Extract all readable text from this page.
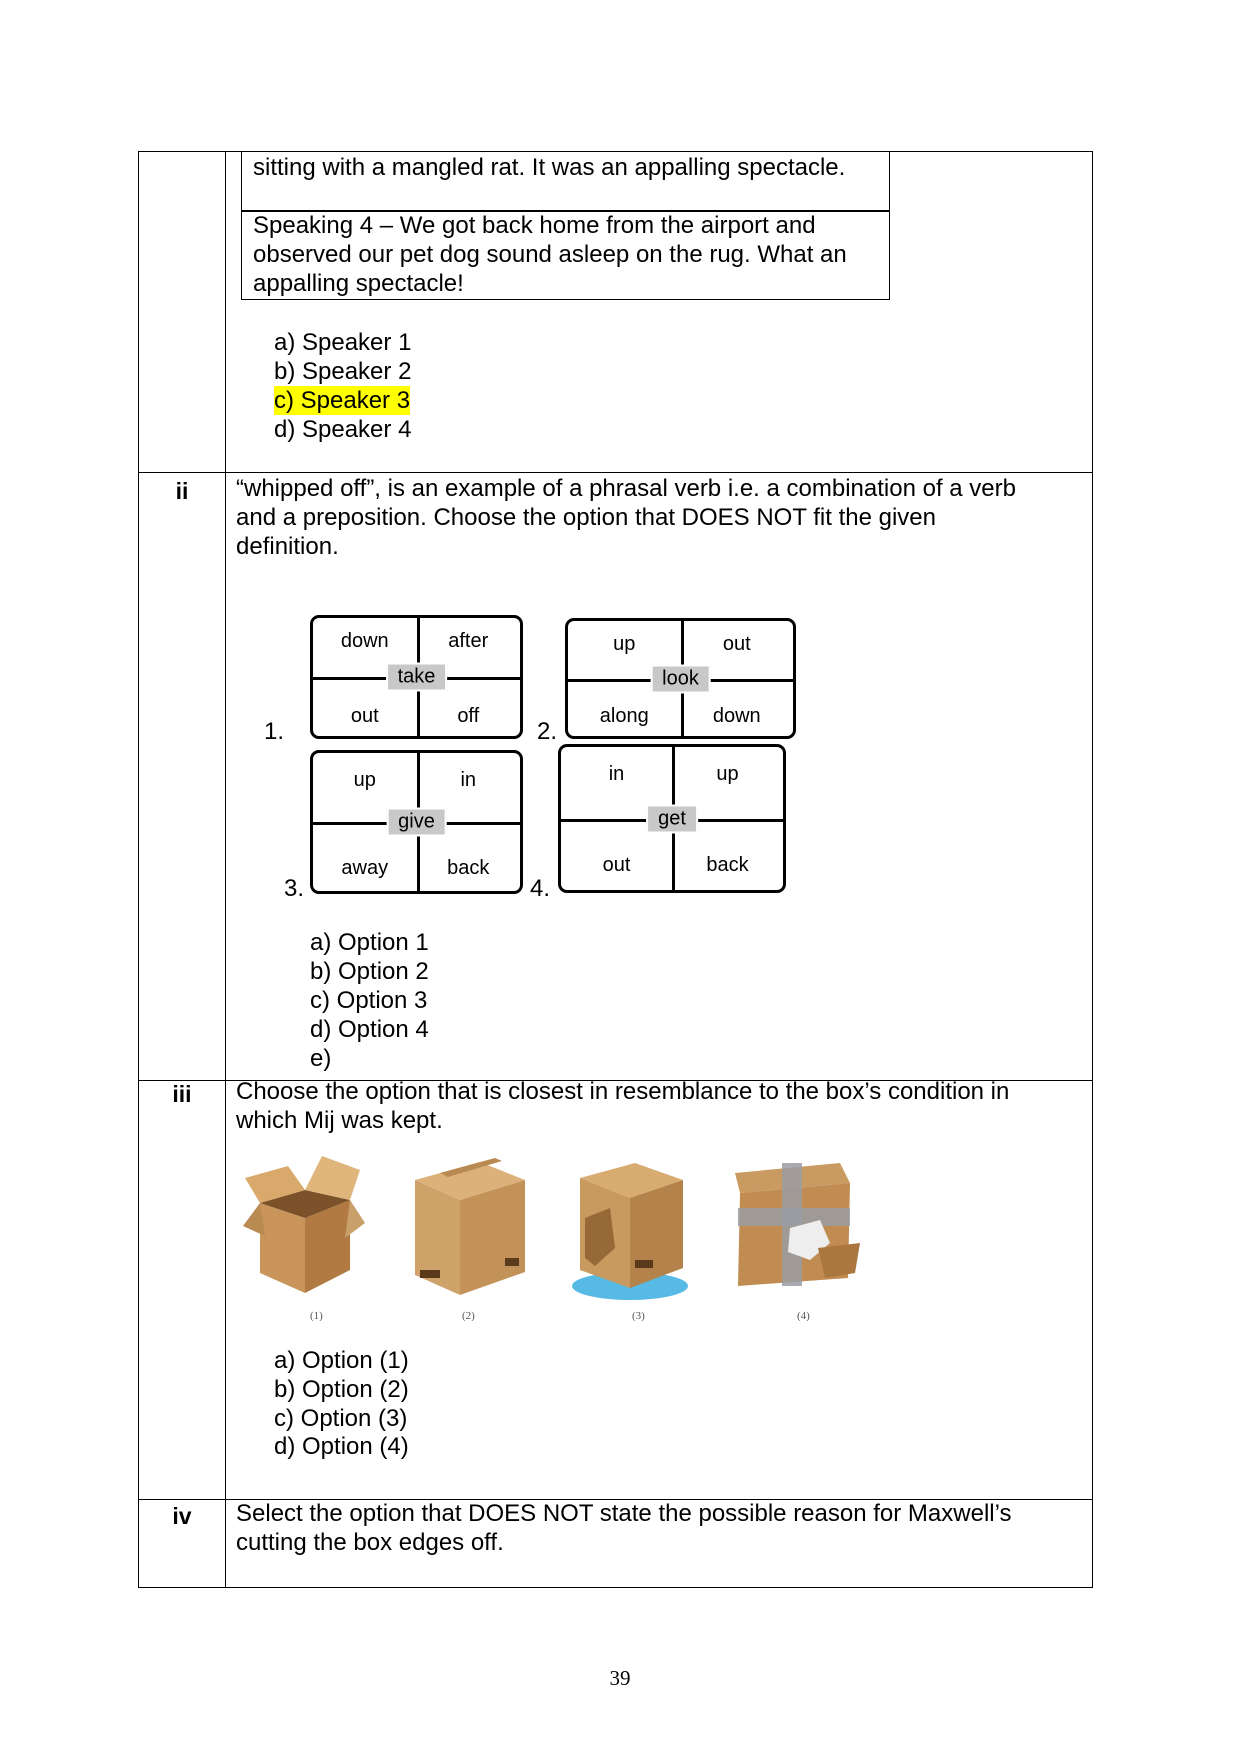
sitting with a mangled rat. It was an appalling spectacle.
Speaking 4 – We got back home from the airport and
observed our pet dog sound asleep on the rug. What an
appalling spectacle!
a) Speaker 1
b) Speaker 2
c) Speaker 3
d) Speaker 4
ii	“whipped off”, is an example of a phrasal verb i.e. a combination of a verb
and a preposition. Choose the option that DOES NOT fit the given
definition.
down	after
out	off
take
1.
up	out
along	down
look
2.
up	in
away	back
give
3.
in	up
out	back
get
4.
a) Option 1
b) Option 2
c) Option 3
d) Option 4
e)
iii	Choose the option that is closest in resemblance to the box’s condition in
which Mij was kept.
(1)	(2)	(3)	(4)
a) Option (1)
b) Option (2)
c) Option (3)
d) Option (4)
iv	Select the option that DOES NOT state the possible reason for Maxwell’s
cutting the box edges off.
39
